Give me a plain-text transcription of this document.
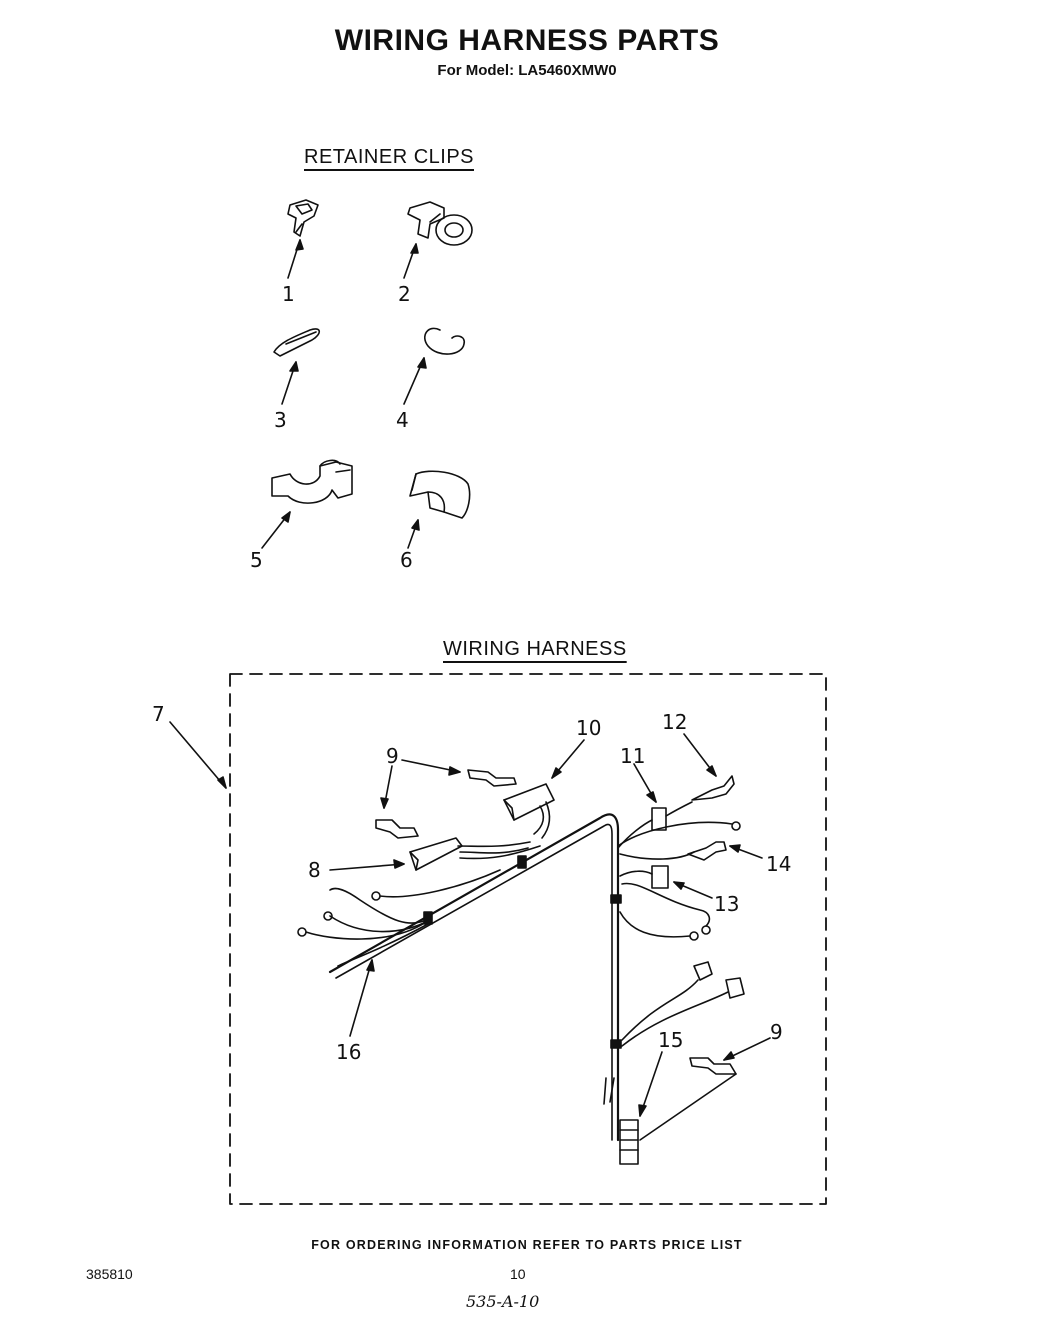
WIRING HARNESS PARTS
For Model: LA5460XMW0
RETAINER CLIPS
WIRING HARNESS
1	2
3	4
5	6
7
8
9
10
11
12
13
14
15
16
9
FOR ORDERING INFORMATION REFER TO PARTS PRICE LIST
385810	10
535-A-10
